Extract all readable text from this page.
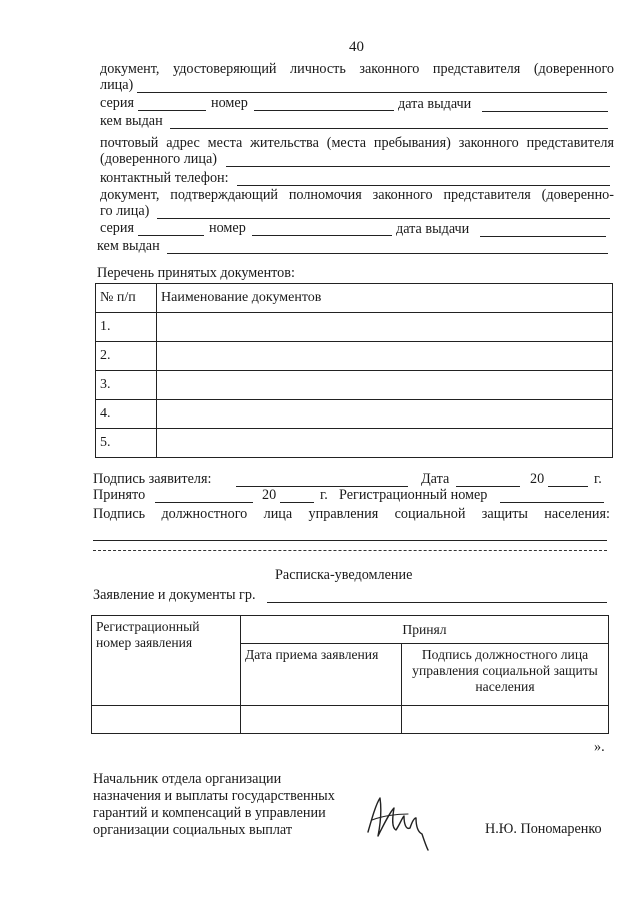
40
документ, удостоверяющий личность законного представителя (доверенного
лица)
серия	номер	дата выдачи
кем выдан
почтовый адрес места жительства (места пребывания) законного представителя
(доверенного лица)
контактный телефон:
документ, подтверждающий полномочия законного представителя (доверенно-
го лица)
серия	номер	дата выдачи
кем выдан
Перечень принятых документов:
№ п/п	Наименование документов
1.	
2.	
3.	
4.	
5.	
Подпись заявителя:	Дата	20	г.
Принято	20	г. Регистрационный номер
Подпись должностного лица управления социальной защиты населения:
Расписка-уведомление
Заявление и документы гр.
Регистрационный номер заявления	Принял	
	Дата приема заявления	Подпись должностного лица управления социальной защиты населения

».
Начальник отдела организации
назначения и выплаты государственных
гарантий и компенсаций в управлении
организации социальных выплат	Н.Ю. Пономаренко
